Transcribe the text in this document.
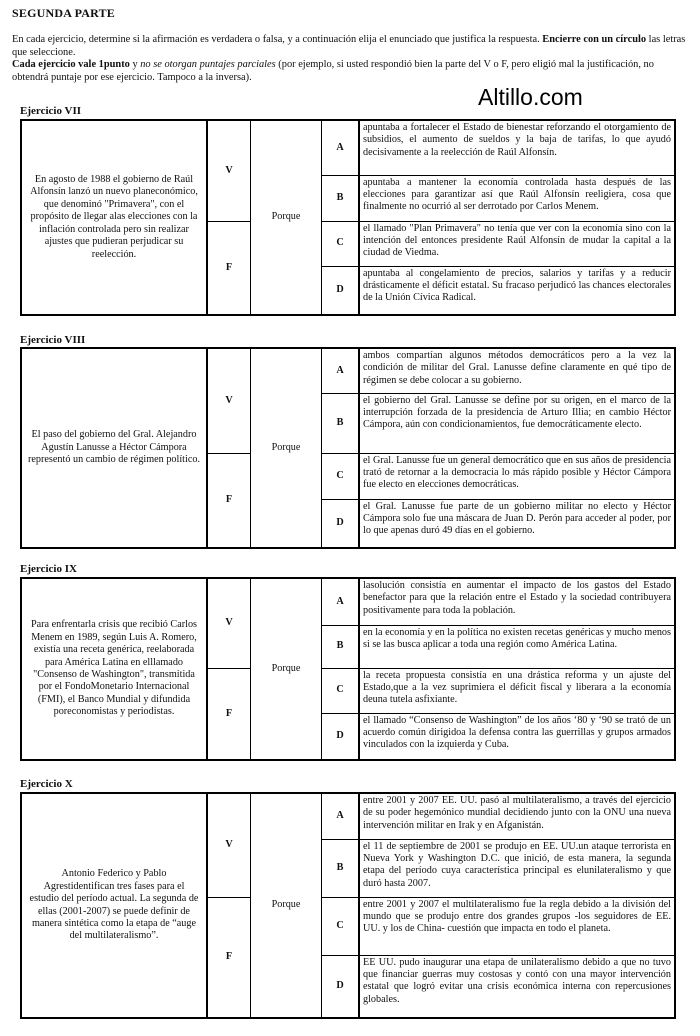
SEGUNDA PARTE
En cada ejercicio, determine si la afirmación es verdadera o falsa, y a continuación elija el enunciado que justifica la respuesta. Encierre con un círculo las letras que seleccione.
Cada ejercicio vale 1punto y no se otorgan puntajes parciales (por ejemplo, si usted respondió bien la parte del V o F, pero eligió mal la justificación, no obtendrá puntaje por ese ejercicio. Tampoco a la inversa).
Altillo.com
Ejercicio VII
En agosto de 1988 el gobierno de Raúl Alfonsín lanzó un nuevo planeconómico, que denominó "Primavera", con el propósito de llegar alas elecciones con la inflación controlada pero sin realizar ajustes que pudieran perjudicar su reelección.	V	Porque	A	apuntaba a fortalecer el Estado de bienestar reforzando el otorgamiento de subsidios, el aumento de sueldos y la baja de tarifas, lo que ayudó decisivamente a la reelección de Raúl Alfonsín.
			B	apuntaba a mantener la economía controlada hasta después de las elecciones para garantizar así que Raúl Alfonsín reeligiera, cosa que finalmente no ocurrió al ser derrotado por Carlos Menem.
	F		C	el llamado "Plan Primavera" no tenía que ver con la economía sino con la intención del entonces presidente Raúl Alfonsín de mudar la capital a la ciudad de Viedma.
			D	apuntaba al congelamiento de precios, salarios y tarifas y a reducir drásticamente el déficit estatal. Su fracaso perjudicó las chances electorales de la Unión Cívica Radical.
Ejercicio VIII
El paso del gobierno del Gral. Alejandro Agustín Lanusse a Héctor Cámpora representó un cambio de régimen político.	V	Porque	A	ambos compartían algunos métodos democráticos pero a la vez la condición de militar del Gral. Lanusse define claramente en qué tipo de régimen se debe colocar a su gobierno.
			B	el gobierno del Gral. Lanusse se define por su origen, en el marco de la interrupción forzada de la presidencia de Arturo Illia; en cambio Héctor Cámpora, aún con condicionamientos, fue democráticamente electo.
	F		C	el Gral. Lanusse fue un general democrático que en sus años de presidencia trató de retornar a la democracia lo más rápido posible y Héctor Cámpora fue electo en elecciones democráticas.
			D	el Gral. Lanusse fue parte de un gobierno militar no electo y Héctor Cámpora solo fue una máscara de Juan D. Perón para acceder al poder, por lo que apenas duró 49 días en el gobierno.
Ejercicio IX
Para enfrentarla crisis que recibió Carlos Menem en 1989, según Luis A. Romero, existía una receta genérica, reelaborada para América Latina en elllamado "Consenso de Washington", transmitida por el FondoMonetario Internacional (FMI), el Banco Mundial y difundida poreconomistas y periodistas.	V	Porque	A	lasolución consistía en aumentar el impacto de los gastos del Estado benefactor para que la relación entre el Estado y la sociedad contribuyera positivamente para toda la población.
			B	en la economía y en la política no existen recetas genéricas y mucho menos si se las busca aplicar a toda una región como América Latina.
	F		C	la receta propuesta consistía en una drástica reforma y un ajuste del Estado,que a la vez suprimiera el déficit fiscal y liberara a la economía deuna tutela asfixiante.
			D	el llamado “Consenso de Washington” de los años ‘80 y ‘90 se trató de un acuerdo común dirigidoa la defensa contra las guerrillas y grupos armados vinculados con la izquierda y Cuba.
Ejercicio X
Antonio Federico y Pablo Agrestidentifican tres fases para el estudio del período actual. La segunda de ellas (2001-2007) se puede definir de manera sintética como la etapa de “auge del multilateralismo”.	V	Porque	A	entre 2001 y 2007 EE. UU. pasó al multilateralismo, a través del ejercicio de su poder hegemónico mundial decidiendo junto con la ONU una nueva intervención militar en Irak y en Afganistán.
			B	el 11 de septiembre de 2001 se produjo en EE. UU.un ataque terrorista en Nueva York y Washington D.C. que inició, de esta manera, la segunda etapa del período cuya característica principal es elunilateralismo y que duró hasta 2007.
	F		C	entre 2001 y 2007 el multilateralismo fue la regla debido a la división del mundo que se produjo entre dos grandes grupos -los seguidores de EE. UU. y los de China- cuestión que impacta en todo el planeta.
			D	EE UU. pudo inaugurar una etapa de unilateralismo debido a que no tuvo que financiar guerras muy costosas y contó con una mayor intervención estatal que logró evitar una crisis económica interna con repercusiones globales.
